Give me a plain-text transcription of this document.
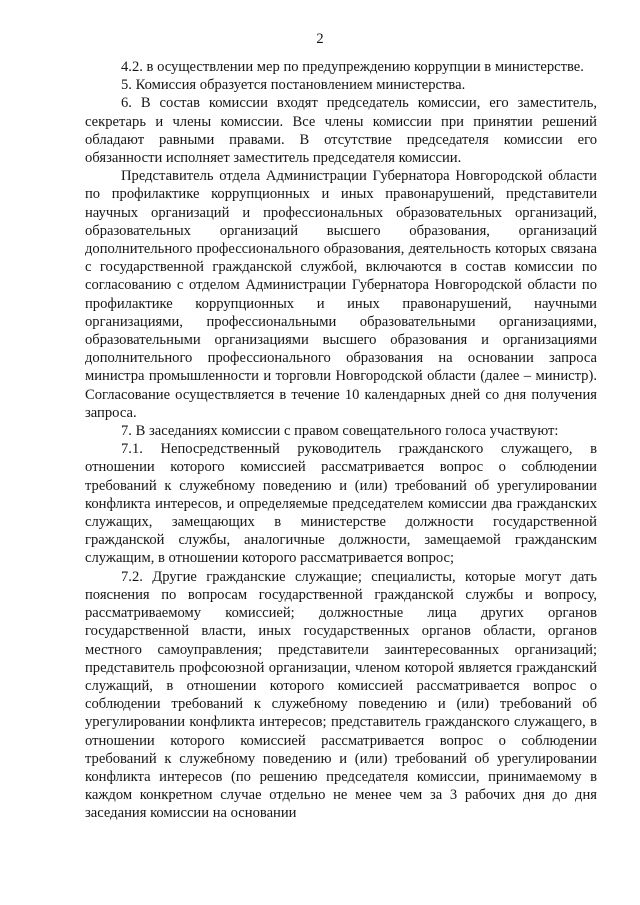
2

4.2. в осуществлении мер по предупреждению коррупции в министерстве.

5. Комиссия образуется постановлением министерства.

6. В состав комиссии входят председатель комиссии, его заместитель, секретарь и члены комиссии. Все члены комиссии при принятии решений обладают равными правами. В отсутствие председателя комиссии его обязанности исполняет заместитель председателя комиссии.

Представитель отдела Администрации Губернатора Новгородской области по профилактике коррупционных и иных правонарушений, представители научных организаций и профессиональных образовательных организаций, образовательных организаций высшего образования, организаций дополнительного профессионального образования, деятельность которых связана с государственной гражданской службой, включаются в состав комиссии по согласованию с отделом Администрации Губернатора Новгородской области по профилактике коррупционных и иных правонарушений, научными организациями, профессиональными образовательными организациями, образовательными организациями высшего образования и организациями дополнительного профессионального образования на основании запроса министра промышленности и торговли Новгородской области (далее – министр). Согласование осуществляется в течение 10 календарных дней со дня получения запроса.

7. В заседаниях комиссии с правом совещательного голоса участвуют:

7.1. Непосредственный руководитель гражданского служащего, в отношении которого комиссией рассматривается вопрос о соблюдении требований к служебному поведению и (или) требований об урегулировании конфликта интересов, и определяемые председателем комиссии два гражданских служащих, замещающих в министерстве должности государственной гражданской службы, аналогичные должности, замещаемой гражданским служащим, в отношении которого рассматривается вопрос;

7.2. Другие гражданские служащие; специалисты, которые могут дать пояснения по вопросам государственной гражданской службы и вопросу, рассматриваемому комиссией; должностные лица других органов государственной власти, иных государственных органов области, органов местного самоуправления; представители заинтересованных организаций; представитель профсоюзной организации, членом которой является гражданский служащий, в отношении которого комиссией рассматривается вопрос о соблюдении требований к служебному поведению и (или) требований об урегулировании конфликта интересов; представитель гражданского служащего, в отношении которого комиссией рассматривается вопрос о соблюдении требований к служебному поведению и (или) требований об урегулировании конфликта интересов (по решению председателя комиссии, принимаемому в каждом конкретном случае отдельно не менее чем за 3 рабочих дня до дня заседания комиссии на основании
